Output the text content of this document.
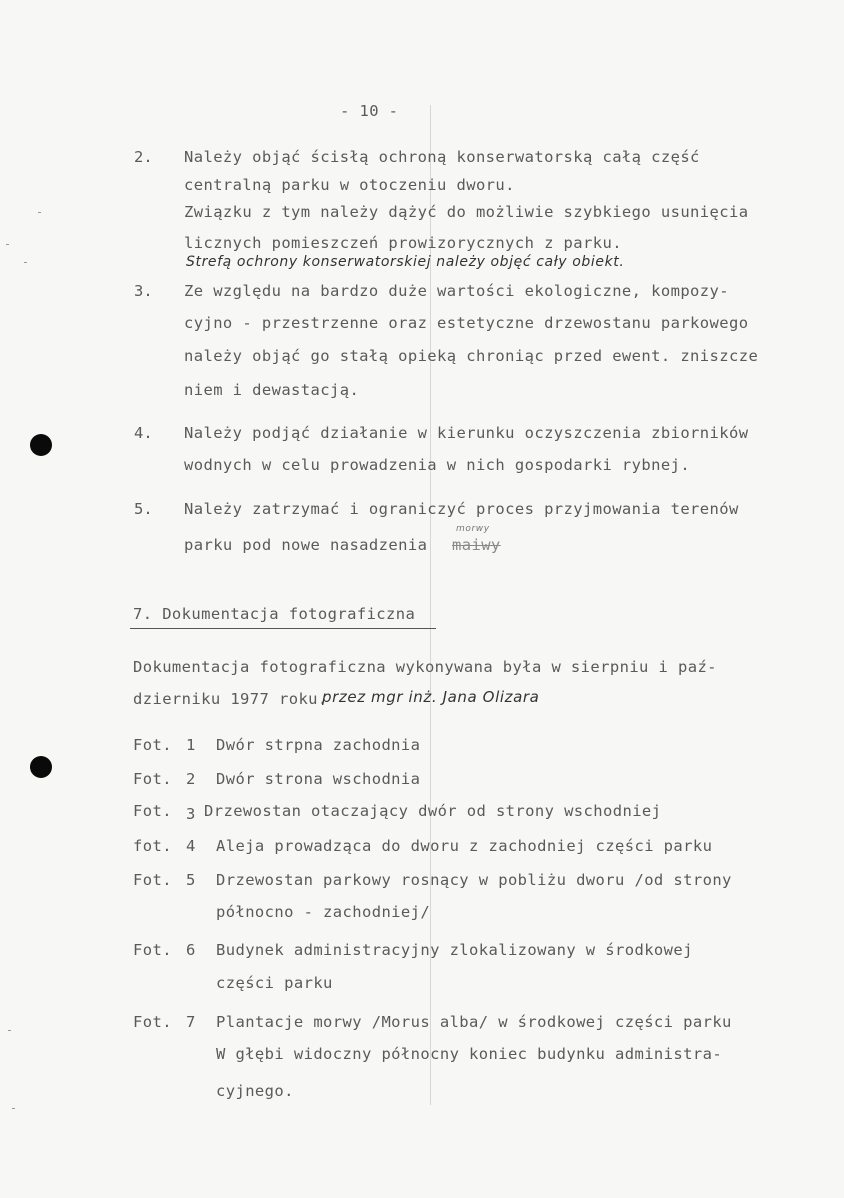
- 10 -
2. Należy objąć ścisłą ochroną konserwatorską całą część
centralną parku w otoczeniu dworu.
Związku z tym należy dążyć do możliwie szybkiego usunięcia
licznych pomieszczeń prowizorycznych z parku.
Strefą ochrony konserwatorskiej należy objęć cały obiekt.
3. Ze względu na bardzo duże wartości ekologiczne, kompozy-
cyjno - przestrzenne oraz estetyczne drzewostanu parkowego
należy objąć go stałą opieką chroniąc przed ewent. zniszcze
niem i dewastacją.
4. Należy podjąć działanie w kierunku oczyszczenia zbiorników
wodnych w celu prowadzenia w nich gospodarki rybnej.
5. Należy zatrzymać i ograniczyć proces przyjmowania terenów
parku pod nowe nasadzenia maiwy
morwy
7. Dokumentacja fotograficzna
Dokumentacja fotograficzna wykonywana była w sierpniu i paź-
dzierniku 1977 roku.
przez mgr inż. Jana Olizara
Fot. 1 Dwór strpna zachodnia
Fot. 2 Dwór strona wschodnia
Fot. 3 Drzewostan otaczający dwór od strony wschodniej
fot. 4 Aleja prowadząca do dworu z zachodniej części parku
Fot. 5 Drzewostan parkowy rosnący w pobliżu dworu /od strony
północno - zachodniej/
Fot. 6 Budynek administracyjny zlokalizowany w środkowej
części parku
Fot. 7 Plantacje morwy /Morus alba/ w środkowej części parku
W głębi widoczny północny koniec budynku administra-
cyjnego.
